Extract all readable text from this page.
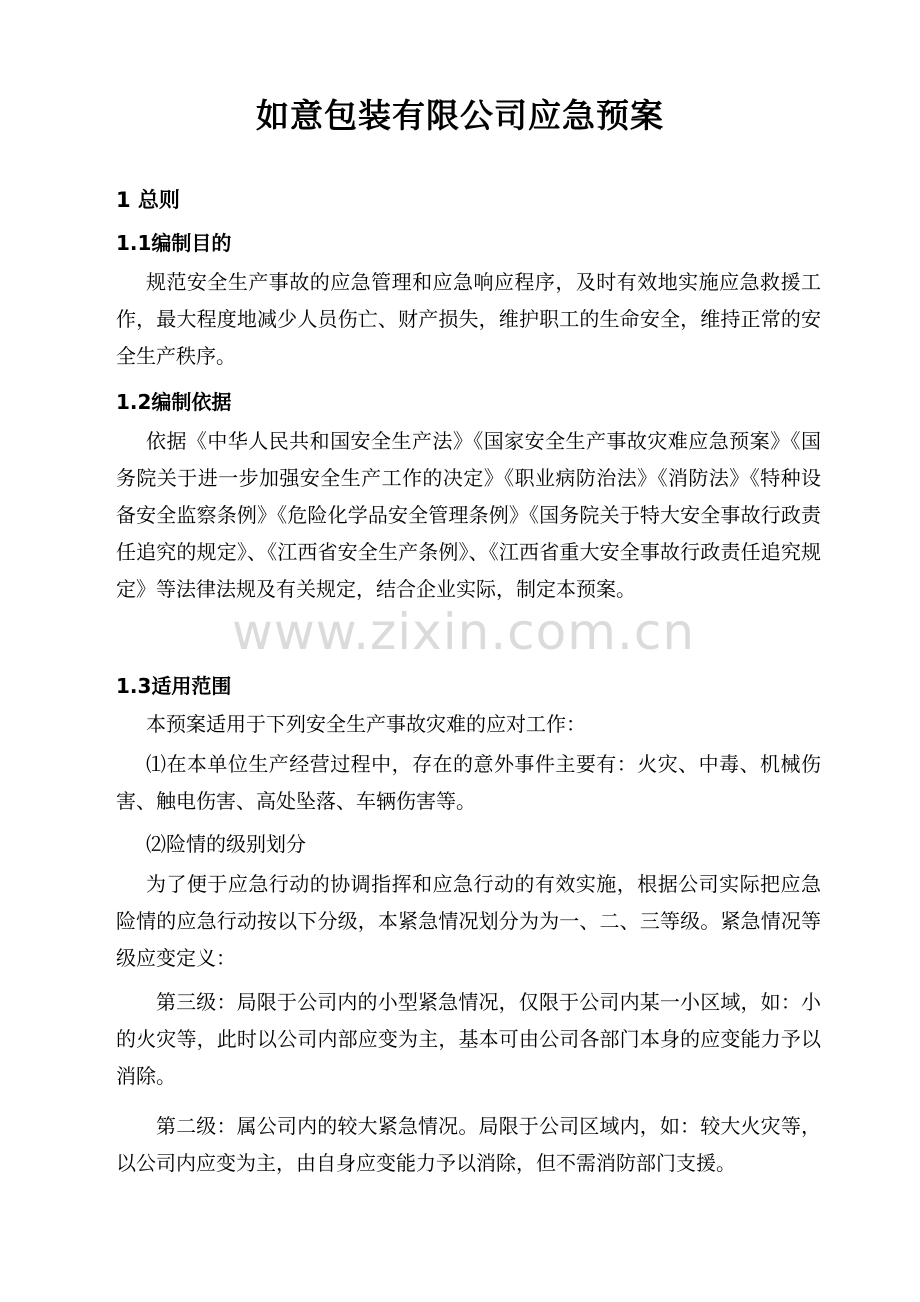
如意包装有限公司应急预案
1 总则
1.1编制目的

规范安全生产事故的应急管理和应急响应程序，及时有效地实施应急救援工作，最大程度地减少人员伤亡、财产损失，维护职工的生命安全，维持正常的安全生产秩序。

1.2编制依据

依据《中华人民共和国安全生产法》《国家安全生产事故灾难应急预案》《国务院关于进一步加强安全生产工作的决定》《职业病防治法》《消防法》《特种设备安全监察条例》《危险化学品安全管理条例》《国务院关于特大安全事故行政责任追究的规定》、《江西省安全生产条例》、《江西省重大安全事故行政责任追究规定》等法律法规及有关规定，结合企业实际，制定本预案。

www.zixin.com.cn
1.3适用范围

本预案适用于下列安全生产事故灾难的应对工作：

⑴在本单位生产经营过程中，存在的意外事件主要有：火灾、中毒、机械伤害、触电伤害、高处坠落、车辆伤害等。

⑵险情的级别划分

为了便于应急行动的协调指挥和应急行动的有效实施，根据公司实际把应急险情的应急行动按以下分级，本紧急情况划分为为一、二、三等级。紧急情况等级应变定义：

第三级：局限于公司内的小型紧急情况，仅限于公司内某一小区域，如：小的火灾等，此时以公司内部应变为主，基本可由公司各部门本身的应变能力予以消除。

第二级：属公司内的较大紧急情况。局限于公司区域内，如：较大火灾等，以公司内应变为主，由自身应变能力予以消除，但不需消防部门支援。
